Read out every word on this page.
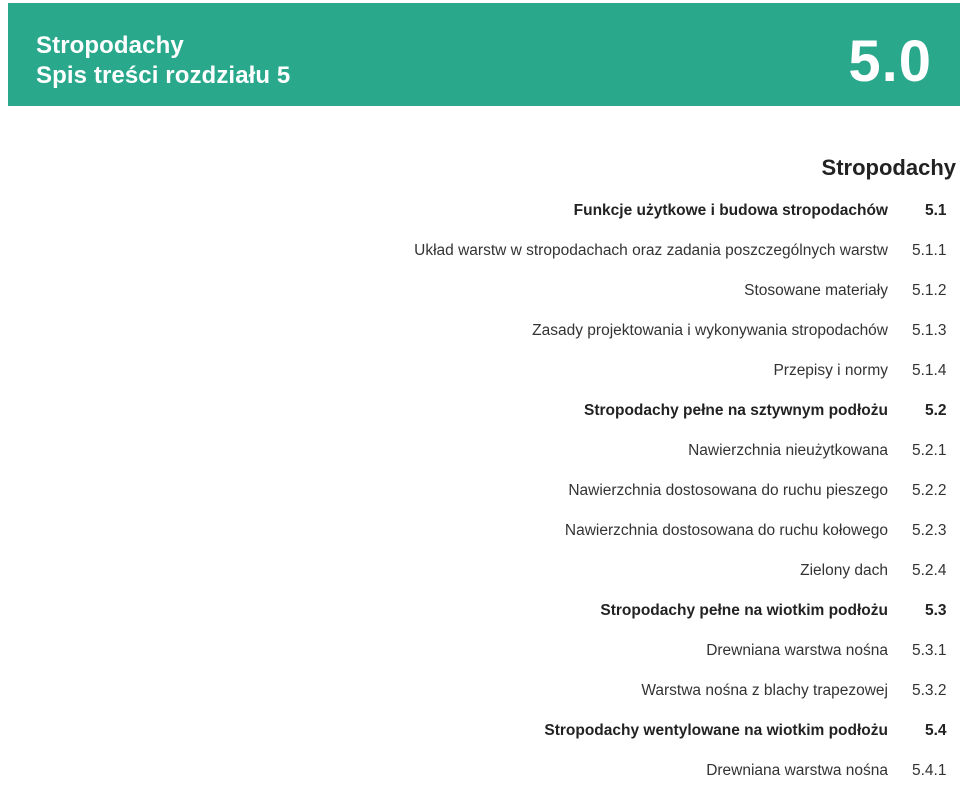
Stropodachy
Spis treści rozdziału 5	5.0
Stropodachy
Funkcje użytkowe i budowa stropodachów 5.1
Układ warstw w stropodachach oraz zadania poszczególnych warstw 5.1.1
Stosowane materiały 5.1.2
Zasady projektowania i wykonywania stropodachów 5.1.3
Przepisy i normy 5.1.4
Stropodachy pełne na sztywnym podłożu 5.2
Nawierzchnia nieużytkowana 5.2.1
Nawierzchnia dostosowana do ruchu pieszego 5.2.2
Nawierzchnia dostosowana do ruchu kołowego 5.2.3
Zielony dach 5.2.4
Stropodachy pełne na wiotkim podłożu 5.3
Drewniana warstwa nośna 5.3.1
Warstwa nośna z blachy trapezowej 5.3.2
Stropodachy wentylowane na wiotkim podłożu 5.4
Drewniana warstwa nośna 5.4.1
